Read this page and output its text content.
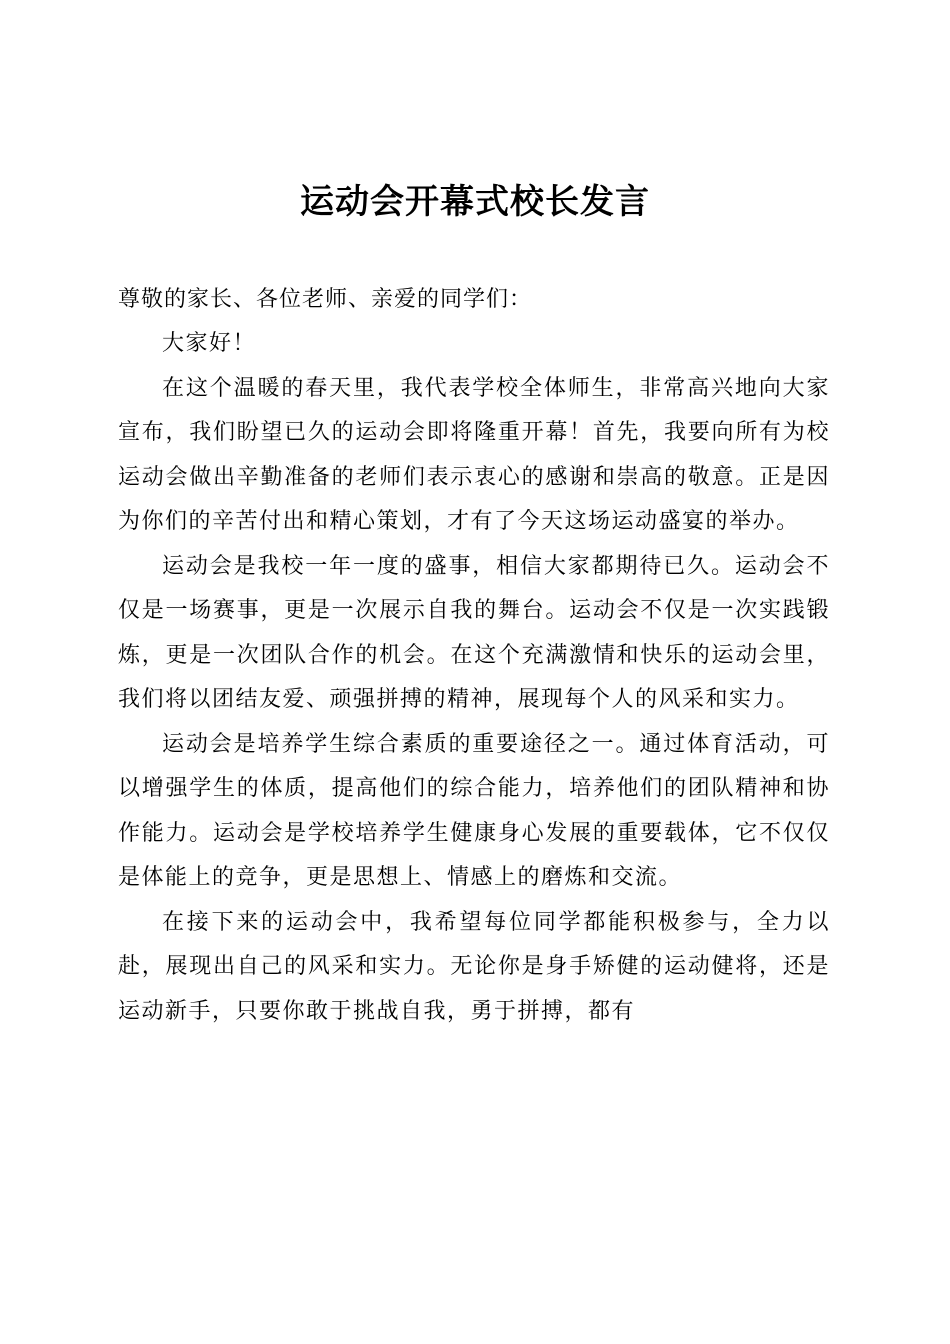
运动会开幕式校长发言

尊敬的家长、各位老师、亲爱的同学们：

大家好！

在这个温暖的春天里，我代表学校全体师生，非常高兴地向大家宣布，我们盼望已久的运动会即将隆重开幕！首先，我要向所有为校运动会做出辛勤准备的老师们表示衷心的感谢和崇高的敬意。正是因为你们的辛苦付出和精心策划，才有了今天这场运动盛宴的举办。

运动会是我校一年一度的盛事，相信大家都期待已久。运动会不仅是一场赛事，更是一次展示自我的舞台。运动会不仅是一次实践锻炼，更是一次团队合作的机会。在这个充满激情和快乐的运动会里，我们将以团结友爱、顽强拼搏的精神，展现每个人的风采和实力。

运动会是培养学生综合素质的重要途径之一。通过体育活动，可以增强学生的体质，提高他们的综合能力，培养他们的团队精神和协作能力。运动会是学校培养学生健康身心发展的重要载体，它不仅仅是体能上的竞争，更是思想上、情感上的磨炼和交流。

在接下来的运动会中，我希望每位同学都能积极参与，全力以赴，展现出自己的风采和实力。无论你是身手矫健的运动健将，还是运动新手，只要你敢于挑战自我，勇于拼搏，都有
